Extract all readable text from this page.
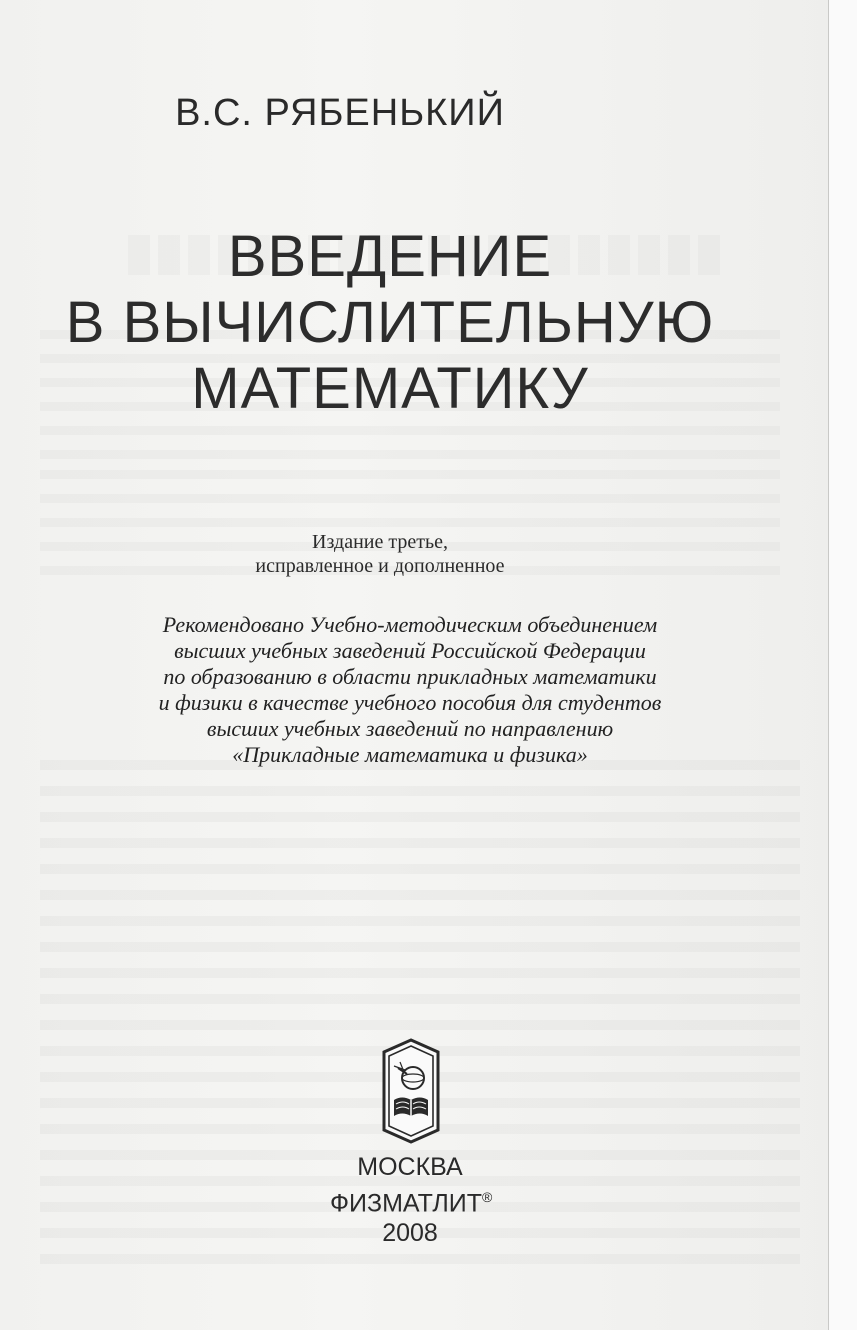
В.С. РЯБЕНЬКИЙ
ВВЕДЕНИЕ
В ВЫЧИСЛИТЕЛЬНУЮ
МАТЕМАТИКУ
Издание третье,
исправленное и дополненное
Рекомендовано Учебно-методическим объединением
высших учебных заведений Российской Федерации
по образованию в области прикладных математики
и физики в качестве учебного пособия для студентов
высших учебных заведений по направлению
«Прикладные математика и физика»
МОСКВА
ФИЗМАТЛИТ®
2008
